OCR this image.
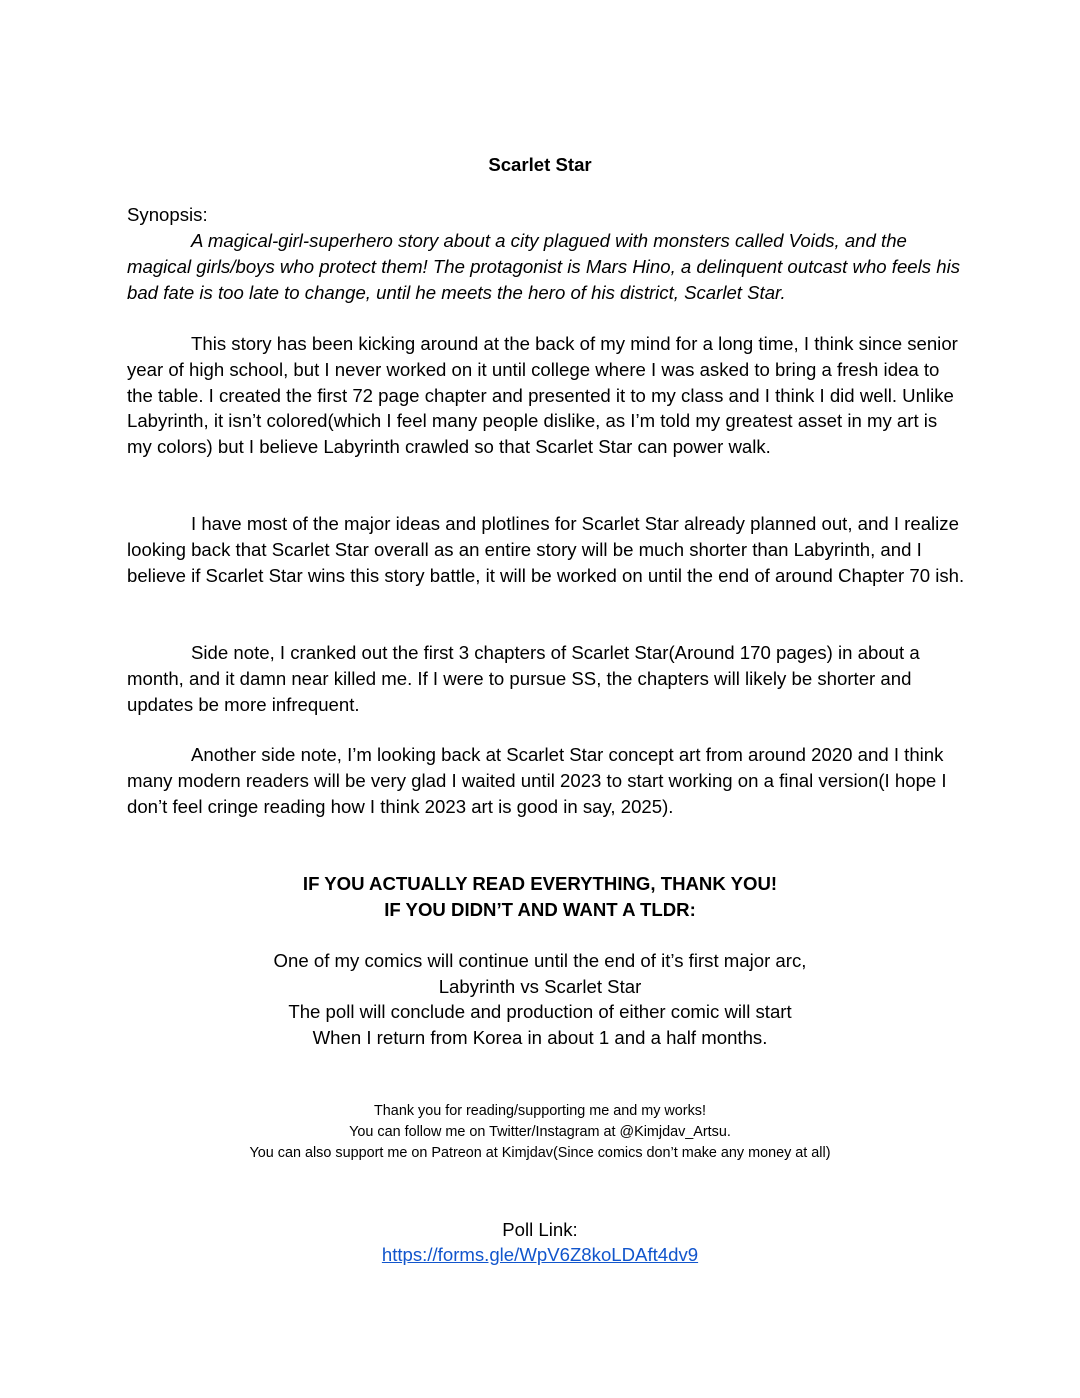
Scarlet Star

Synopsis:

A magical-girl-superhero story about a city plagued with monsters called Voids, and the magical girls/boys who protect them! The protagonist is Mars Hino, a delinquent outcast who feels his bad fate is too late to change, until he meets the hero of his district, Scarlet Star.

This story has been kicking around at the back of my mind for a long time, I think since senior year of high school, but I never worked on it until college where I was asked to bring a fresh idea to the table. I created the first 72 page chapter and presented it to my class and I think I did well. Unlike Labyrinth, it isn’t colored(which I feel many people dislike, as I’m told my greatest asset in my art is my colors) but I believe Labyrinth crawled so that Scarlet Star can power walk.

I have most of the major ideas and plotlines for Scarlet Star already planned out, and I realize looking back that Scarlet Star overall as an entire story will be much shorter than Labyrinth, and I believe if Scarlet Star wins this story battle, it will be worked on until the end of around Chapter 70 ish.

Side note, I cranked out the first 3 chapters of Scarlet Star(Around 170 pages) in about a month, and it damn near killed me. If I were to pursue SS, the chapters will likely be shorter and updates be more infrequent.

Another side note, I’m looking back at Scarlet Star concept art from around 2020 and I think many modern readers will be very glad I waited until 2023 to start working on a final version(I hope I don’t feel cringe reading how I think 2023 art is good in say, 2025).

IF YOU ACTUALLY READ EVERYTHING, THANK YOU!

IF YOU DIDN’T AND WANT A TLDR:

One of my comics will continue until the end of it’s first major arc,

Labyrinth vs Scarlet Star

The poll will conclude and production of either comic will start

When I return from Korea in about 1 and a half months.

Thank you for reading/supporting me and my works!

You can follow me on Twitter/Instagram at @Kimjdav_Artsu.

You can also support me on Patreon at Kimjdav(Since comics don’t make any money at all)

Poll Link:

https://forms.gle/WpV6Z8koLDAft4dv9
